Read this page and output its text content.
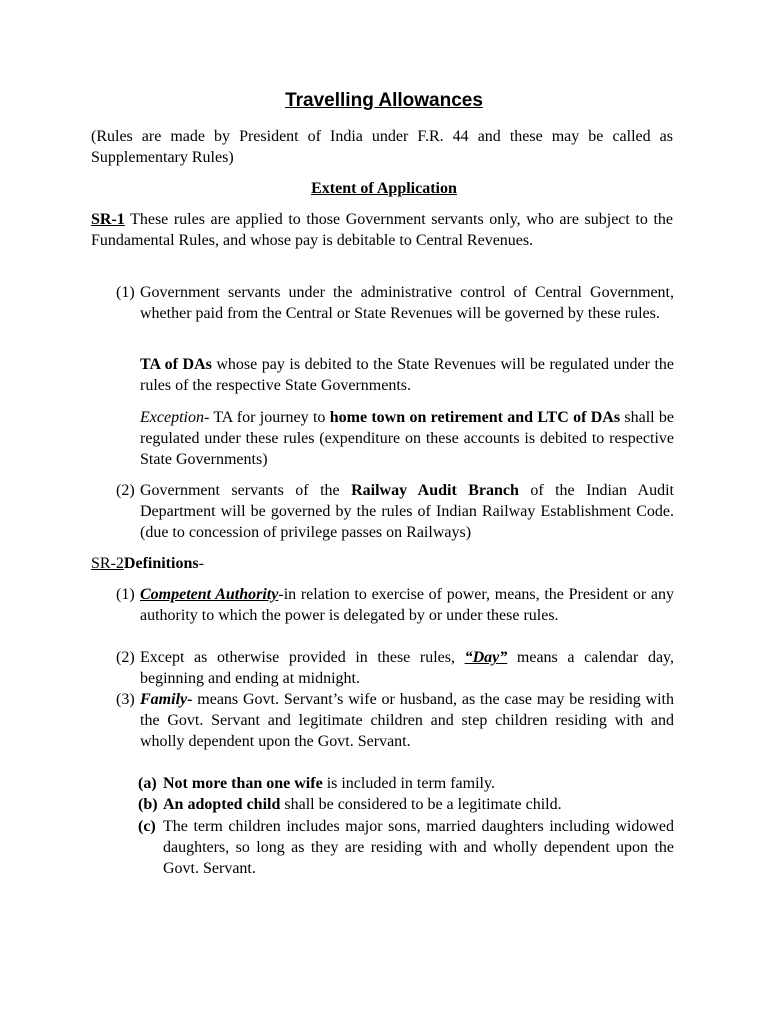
Travelling Allowances
(Rules are made by President of India under F.R. 44 and these may be called as Supplementary Rules)
Extent of Application
SR-1 These rules are applied to those Government servants only, who are subject to the Fundamental Rules, and whose pay is debitable to Central Revenues.
(1) Government servants under the administrative control of Central Government, whether paid from the Central or State Revenues will be governed by these rules.
TA of DAs whose pay is debited to the State Revenues will be regulated under the rules of the respective State Governments.
Exception- TA for journey to home town on retirement and LTC of DAs shall be regulated under these rules (expenditure on these accounts is debited to respective State Governments)
(2) Government servants of the Railway Audit Branch of the Indian Audit Department will be governed by the rules of Indian Railway Establishment Code. (due to concession of privilege passes on Railways)
SR-2Definitions-
(1) Competent Authority-in relation to exercise of power, means, the President or any authority to which the power is delegated by or under these rules.
(2) Except as otherwise provided in these rules, “Day” means a calendar day, beginning and ending at midnight.
(3) Family- means Govt. Servant’s wife or husband, as the case may be residing with the Govt. Servant and legitimate children and step children residing with and wholly dependent upon the Govt. Servant.
(a) Not more than one wife is included in term family.
(b) An adopted child shall be considered to be a legitimate child.
(c) The term children includes major sons, married daughters including widowed daughters, so long as they are residing with and wholly dependent upon the Govt. Servant.
